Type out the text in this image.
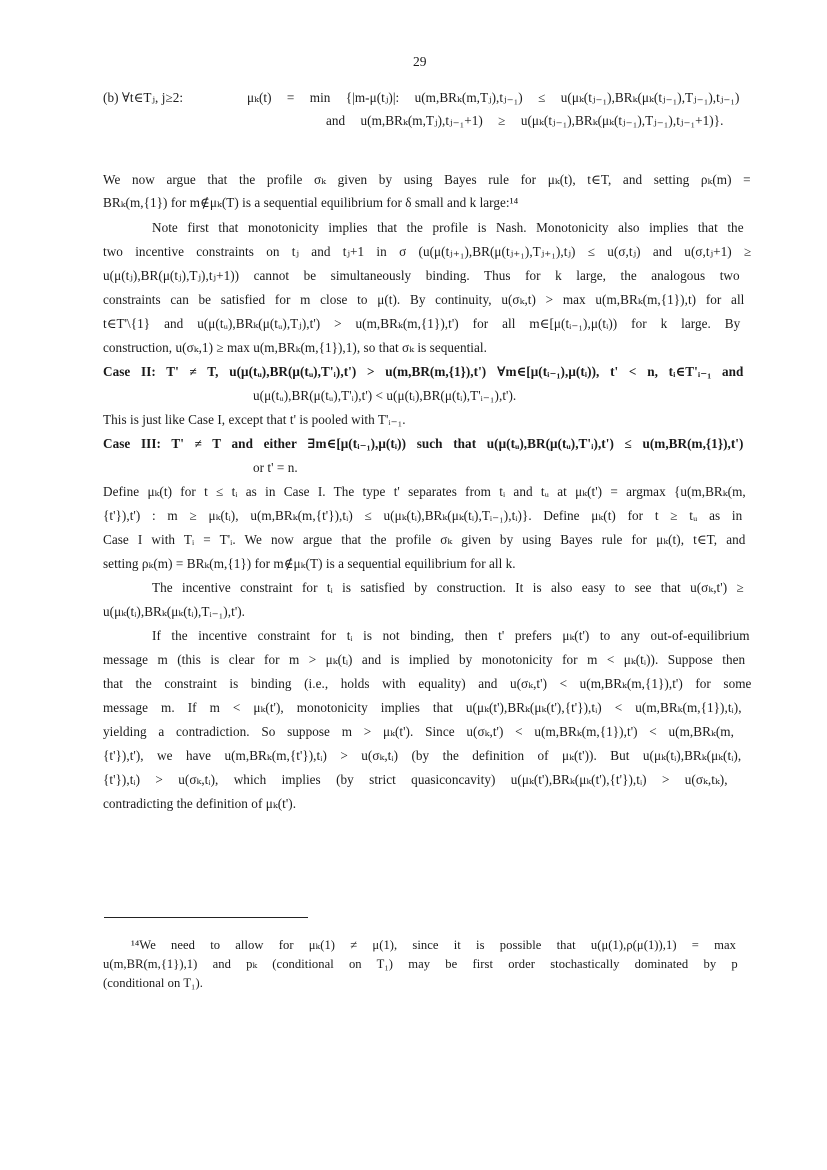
29
(b) ∀t∈Tⱼ, j≥2:	μₖ(t) = min {|m-μ(tⱼ)|: u(m,BRₖ(m,Tⱼ),tⱼ₋₁) ≤ u(μₖ(tⱼ₋₁),BRₖ(μₖ(tⱼ₋₁),Tⱼ₋₁),tⱼ₋₁)
and u(m,BRₖ(m,Tⱼ),tⱼ₋₁+1) ≥ u(μₖ(tⱼ₋₁),BRₖ(μₖ(tⱼ₋₁),Tⱼ₋₁),tⱼ₋₁+1)}.
We now argue that the profile σₖ given by using Bayes rule for μₖ(t), t∈T, and setting ρₖ(m) =
BRₖ(m,{1}) for m∉μₖ(T) is a sequential equilibrium for δ small and k large:¹⁴
Note first that monotonicity implies that the profile is Nash. Monotonicity also implies that the
two incentive constraints on tⱼ and tⱼ+1 in σ (u(μ(tⱼ₊₁),BR(μ(tⱼ₊₁),Tⱼ₊₁),tⱼ) ≤ u(σ,tⱼ) and u(σ,tⱼ+1) ≥
u(μ(tⱼ),BR(μ(tⱼ),Tⱼ),tⱼ+1)) cannot be simultaneously binding. Thus for k large, the analogous two
constraints can be satisfied for m close to μ(t). By continuity, u(σₖ,t) > max u(m,BRₖ(m,{1}),t) for all
t∈T'\{1} and u(μ(tᵤ),BRₖ(μ(tᵤ),Tⱼ),t') > u(m,BRₖ(m,{1}),t') for all m∈[μ(tᵢ₋₁),μ(tᵢ)) for k large. By
construction, u(σₖ,1) ≥ max u(m,BRₖ(m,{1}),1), so that σₖ is sequential.
Case II: T' ≠ T, u(μ(tᵤ),BR(μ(tᵤ),T'ᵢ),t') > u(m,BR(m,{1}),t') ∀m∈[μ(tᵢ₋₁),μ(tᵢ)), t' < n, tᵢ∈T'ᵢ₋₁ and
u(μ(tᵤ),BR(μ(tᵤ),T'ᵢ),t') < u(μ(tᵢ),BR(μ(tᵢ),T'ᵢ₋₁),t').
This is just like Case I, except that t' is pooled with T'ᵢ₋₁.
Case III: T' ≠ T and either ∃m∈[μ(tᵢ₋₁),μ(tᵢ)) such that u(μ(tᵤ),BR(μ(tᵤ),T'ᵢ),t') ≤ u(m,BR(m,{1}),t')
or t' = n.
Define μₖ(t) for t ≤ tᵢ as in Case I. The type t' separates from tᵢ and tᵤ at μₖ(t') = argmax {u(m,BRₖ(m,
{t'}),t') : m ≥ μₖ(tᵢ), u(m,BRₖ(m,{t'}),tᵢ) ≤ u(μₖ(tᵢ),BRₖ(μₖ(tᵢ),Tᵢ₋₁),tᵢ)}. Define μₖ(t) for t ≥ tᵤ as in
Case I with Tᵢ = T'ᵢ. We now argue that the profile σₖ given by using Bayes rule for μₖ(t), t∈T, and
setting ρₖ(m) = BRₖ(m,{1}) for m∉μₖ(T) is a sequential equilibrium for all k.
The incentive constraint for tᵢ is satisfied by construction. It is also easy to see that u(σₖ,t') ≥
u(μₖ(tᵢ),BRₖ(μₖ(tᵢ),Tᵢ₋₁),t').
If the incentive constraint for tᵢ is not binding, then t' prefers μₖ(t') to any out-of-equilibrium
message m (this is clear for m > μₖ(tᵢ) and is implied by monotonicity for m < μₖ(tᵢ)). Suppose then
that the constraint is binding (i.e., holds with equality) and u(σₖ,t') < u(m,BRₖ(m,{1}),t') for some
message m. If m < μₖ(t'), monotonicity implies that u(μₖ(t'),BRₖ(μₖ(t'),{t'}),tᵢ) < u(m,BRₖ(m,{1}),tᵢ),
yielding a contradiction. So suppose m > μₖ(t'). Since u(σₖ,t') < u(m,BRₖ(m,{1}),t') < u(m,BRₖ(m,
{t'}),t'), we have u(m,BRₖ(m,{t'}),tᵢ) > u(σₖ,tᵢ) (by the definition of μₖ(t')). But u(μₖ(tᵢ),BRₖ(μₖ(tᵢ),
{t'}),tᵢ) > u(σₖ,tᵢ), which implies (by strict quasiconcavity) u(μₖ(t'),BRₖ(μₖ(t'),{t'}),tᵢ) > u(σₖ,tₖ),
contradicting the definition of μₖ(t').
¹⁴We need to allow for μₖ(1) ≠ μ(1), since it is possible that u(μ(1),ρ(μ(1)),1) = max
u(m,BR(m,{1}),1) and pₖ (conditional on T₁) may be first order stochastically dominated by p
(conditional on T₁).
